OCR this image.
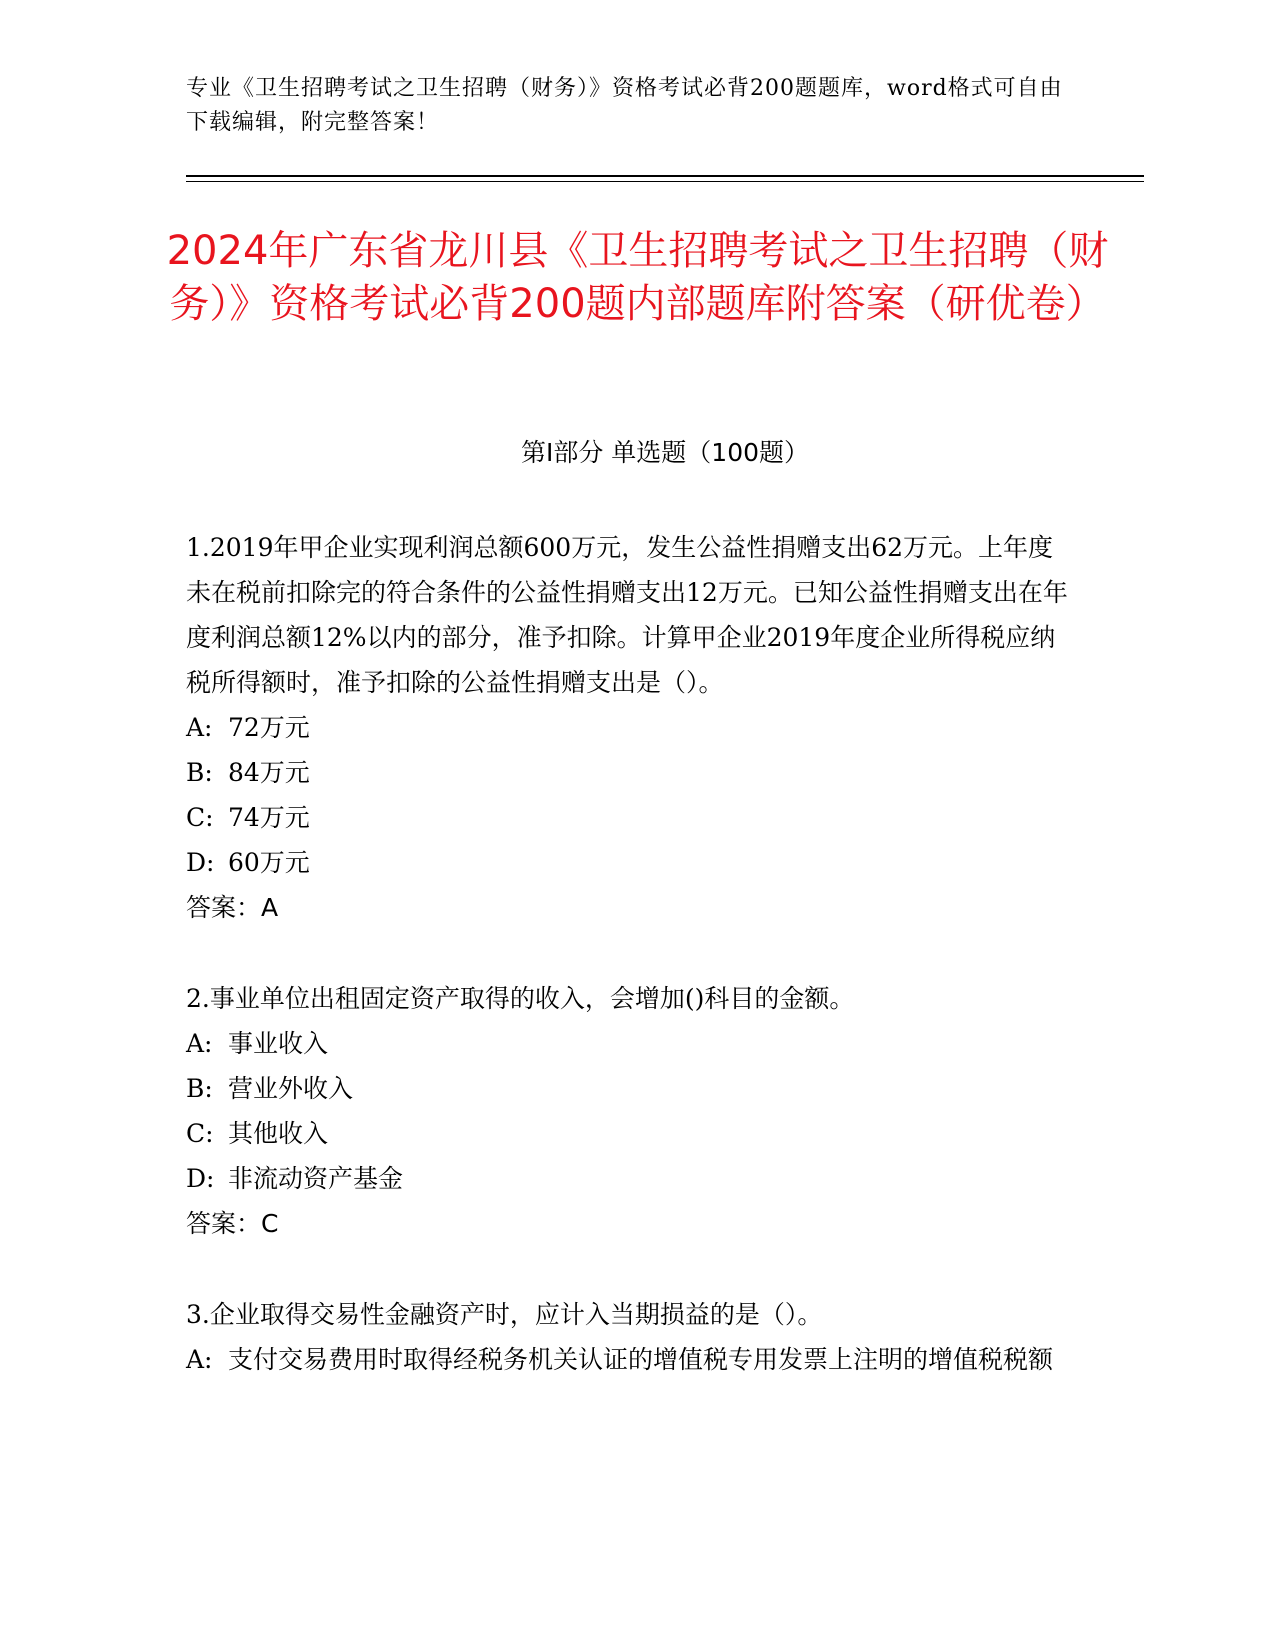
专业《卫生招聘考试之卫生招聘（财务）》资格考试必背200题题库，word格式可自由下载编辑，附完整答案！
2024年广东省龙川县《卫生招聘考试之卫生招聘（财务）》资格考试必背200题内部题库附答案（研优卷）
第Ⅰ部分 单选题（100题）

1.2019年甲企业实现利润总额600万元，发生公益性捐赠支出62万元。上年度未在税前扣除完的符合条件的公益性捐赠支出12万元。已知公益性捐赠支出在年度利润总额12%以内的部分，准予扣除。计算甲企业2019年度企业所得税应纳税所得额时，准予扣除的公益性捐赠支出是（）。

A: 72万元

B: 84万元

C: 74万元

D: 60万元

答案：A

2.事业单位出租固定资产取得的收入，会增加()科目的金额。

A: 事业收入

B: 营业外收入

C: 其他收入

D: 非流动资产基金

答案：C

3.企业取得交易性金融资产时，应计入当期损益的是（）。

A: 支付交易费用时取得经税务机关认证的增值税专用发票上注明的增值税税额
